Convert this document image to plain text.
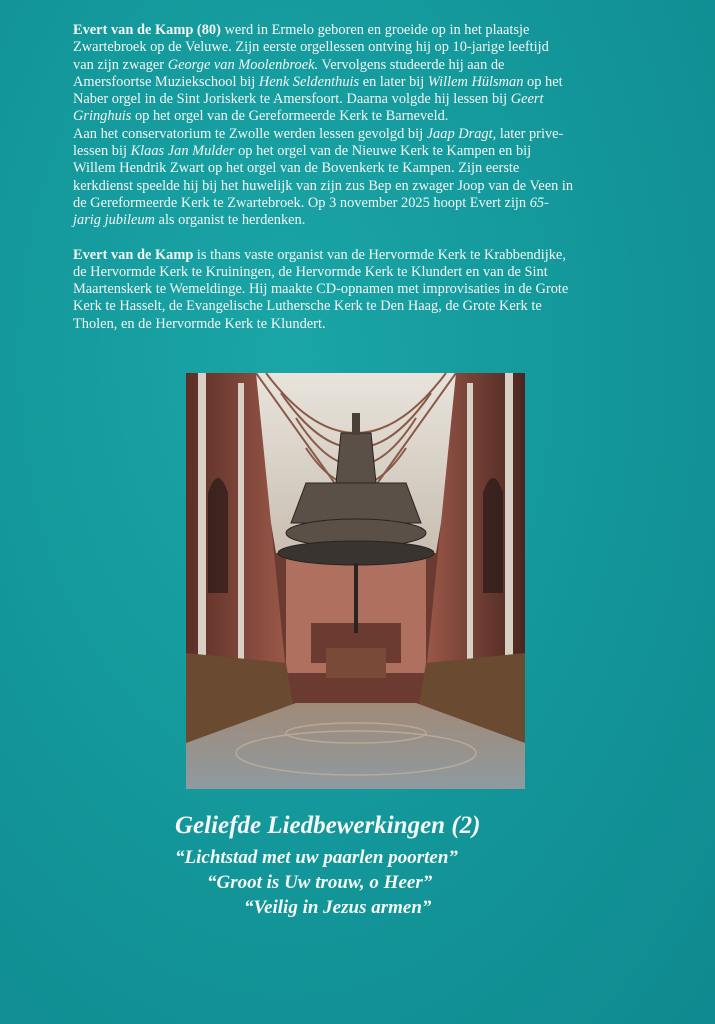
Evert van de Kamp (80) werd in Ermelo geboren en groeide op in het plaatsje
Zwartebroek op de Veluwe. Zijn eerste orgellessen ontving hij op 10-jarige leeftijd
van zijn zwager George van Moolenbroek. Vervolgens studeerde hij aan de
Amersfoortse Muziekschool bij Henk Seldenthuis en later bij Willem Hülsman op het
Naber orgel in de Sint Joriskerk te Amersfoort. Daarna volgde hij lessen bij Geert
Gringhuis op het orgel van de Gereformeerde Kerk te Barneveld.
Aan het conservatorium te Zwolle werden lessen gevolgd bij Jaap Dragt, later prive-
lessen bij Klaas Jan Mulder op het orgel van de Nieuwe Kerk te Kampen en bij
Willem Hendrik Zwart op het orgel van de Bovenkerk te Kampen. Zijn eerste
kerkdienst speelde hij bij het huwelijk van zijn zus Bep en zwager Joop van de Veen in
de Gereformeerde Kerk te Zwartebroek. Op 3 november 2025 hoopt Evert zijn 65-
jarig jubileum als organist te herdenken.
Evert van de Kamp is thans vaste organist van de Hervormde Kerk te Krabbendijke,
de Hervormde Kerk te Kruiningen, de Hervormde Kerk te Klundert en van de Sint
Maartenskerk te Wemeldinge. Hij maakte CD-opnamen met improvisaties in de Grote
Kerk te Hasselt, de Evangelische Luthersche Kerk te Den Haag, de Grote Kerk te
Tholen, en de Hervormde Kerk te Klundert.
Geliefde Liedbewerkingen (2)
“Lichtstad met uw paarlen poorten”
“Groot is Uw trouw, o Heer”
“Veilig in Jezus armen”
